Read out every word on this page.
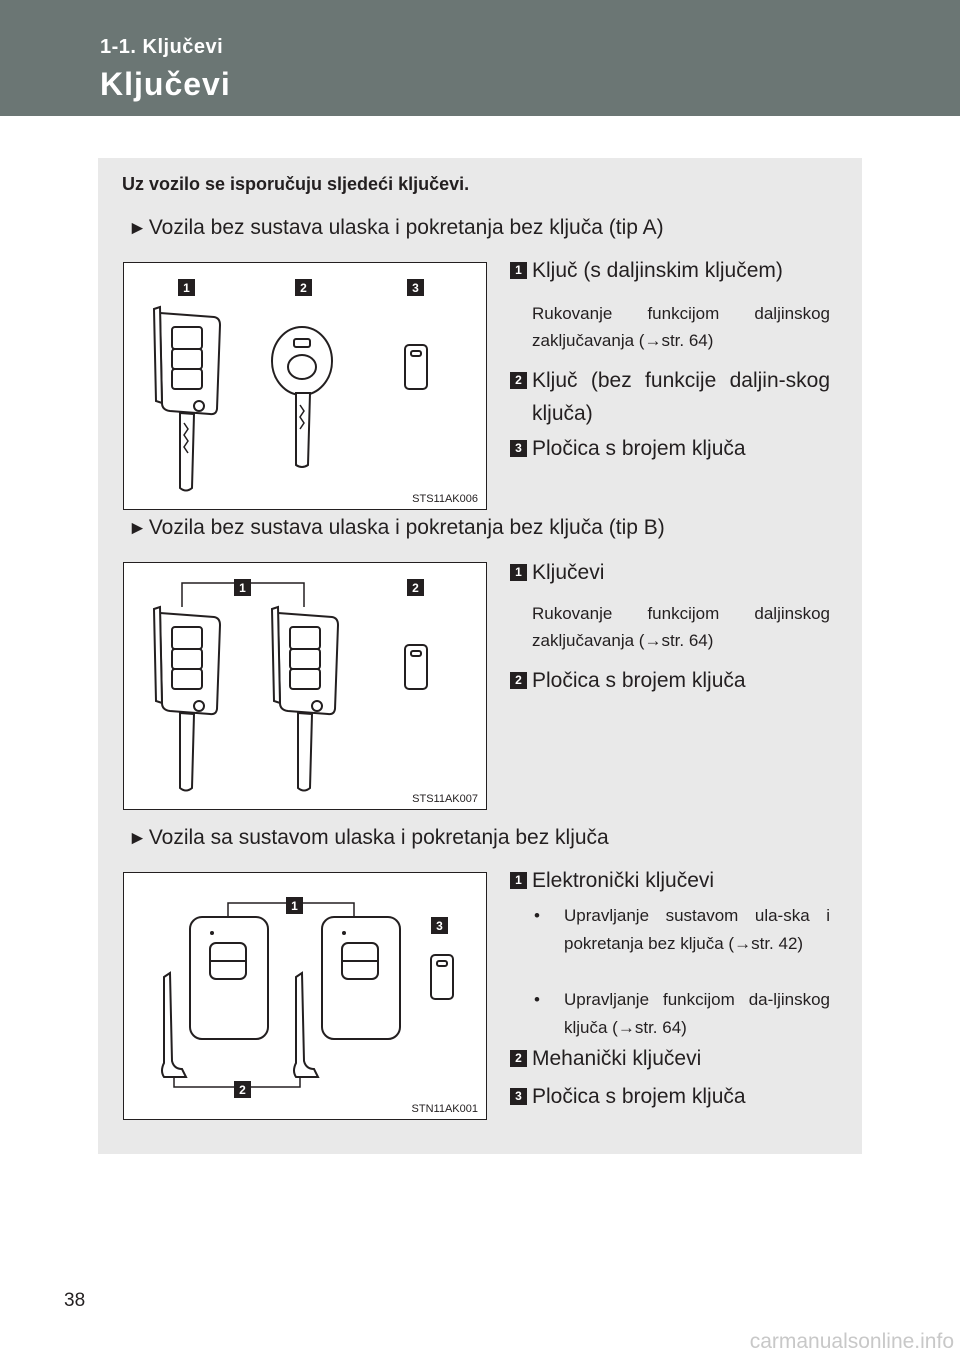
1-1. Ključevi
Ključevi
Uz vozilo se isporučuju sljedeći ključevi.
►Vozila bez sustava ulaska i pokretanja bez ključa (tip A)
1	2	3
STS11AK006
1 Ključ (s daljinskim ključem)
Rukovanje funkcijom daljinskog zaključavanja (→str. 64)
2 Ključ (bez funkcije daljin-skog ključa)
3 Pločica s brojem ključa
►Vozila bez sustava ulaska i pokretanja bez ključa (tip B)
1	2
STS11AK007
1 Ključevi
Rukovanje funkcijom daljinskog zaključavanja (→str. 64)
2 Pločica s brojem ključa
►Vozila sa sustavom ulaska i pokretanja bez ključa
1
2
3
STN11AK001
1 Elektronički ključevi
• Upravljanje sustavom ula-ska i pokretanja bez ključa (→str. 42)
• Upravljanje funkcijom da-ljinskog ključa (→str. 64)
2 Mehanički ključevi
3 Pločica s brojem ključa
38
carmanualsonline.info
